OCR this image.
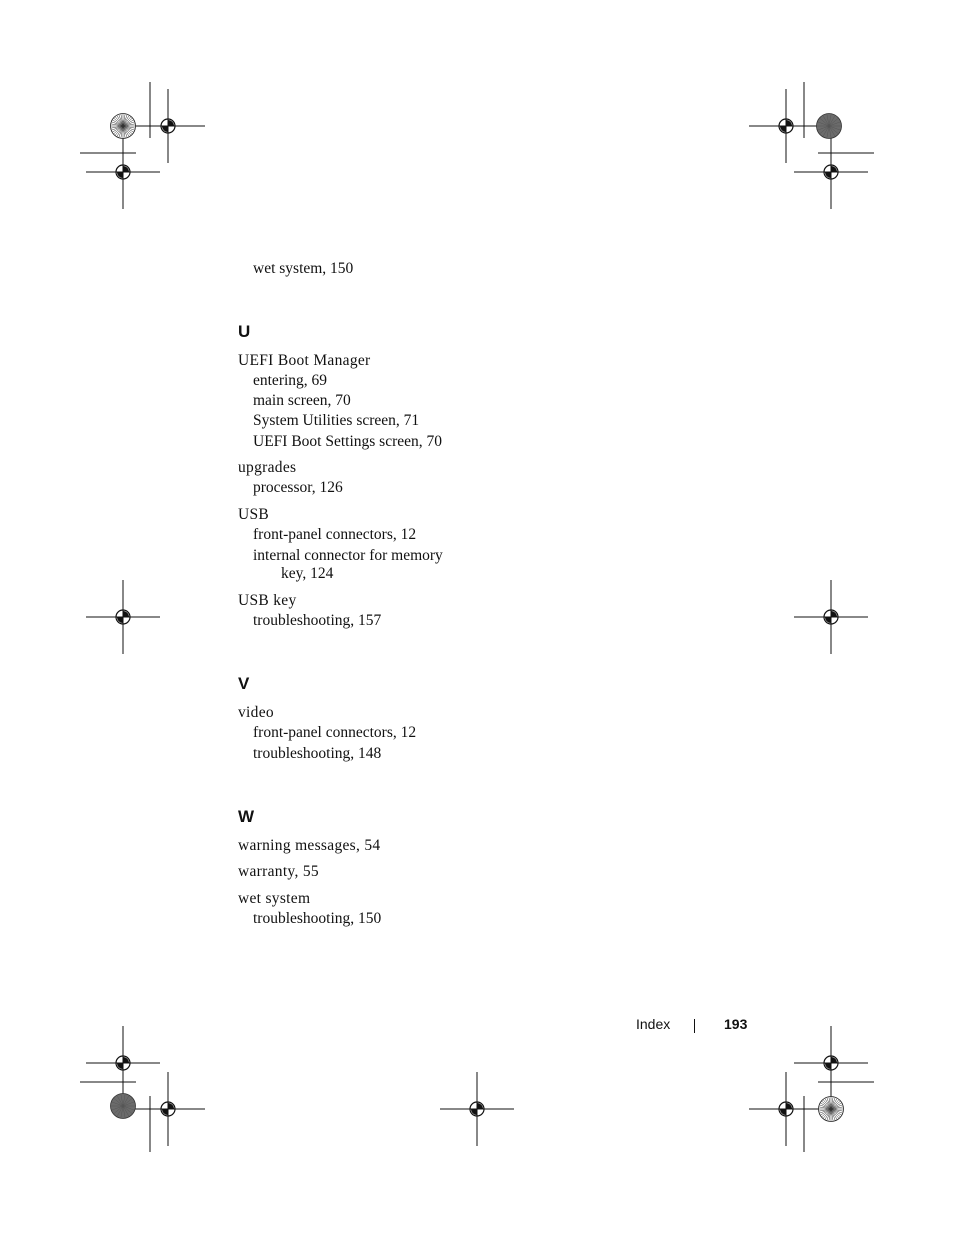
wet system, 150
U
UEFI Boot Manager
entering, 69
main screen, 70
System Utilities screen, 71
UEFI Boot Settings screen, 70
upgrades
processor, 126
USB
front-panel connectors, 12
internal connector for memory
key, 124
USB key
troubleshooting, 157
V
video
front-panel connectors, 12
troubleshooting, 148
W
warning messages, 54
warranty, 55
wet system
troubleshooting, 150
Index	193
